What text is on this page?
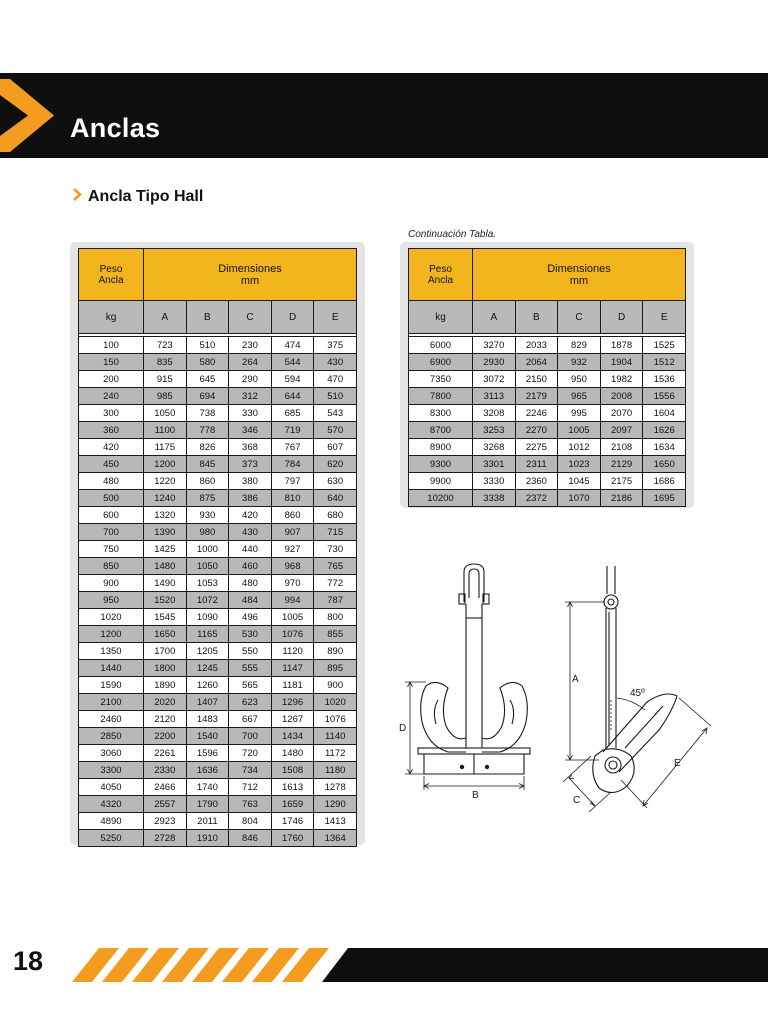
Anclas
Ancla Tipo Hall
Continuación Tabla.
Peso
Ancla	Dimensiones
mm				
kg	A	B	C	D	E

100	723	510	230	474	375
150	835	580	264	544	430
200	915	645	290	594	470
240	985	694	312	644	510
300	1050	738	330	685	543
360	1100	778	346	719	570
420	1175	826	368	767	607
450	1200	845	373	784	620
480	1220	860	380	797	630
500	1240	875	386	810	640
600	1320	930	420	860	680
700	1390	980	430	907	715
750	1425	1000	440	927	730
850	1480	1050	460	968	765
900	1490	1053	480	970	772
950	1520	1072	484	994	787
1020	1545	1090	496	1005	800
1200	1650	1165	530	1076	855
1350	1700	1205	550	1120	890
1440	1800	1245	555	1147	895
1590	1890	1260	565	1181	900
2100	2020	1407	623	1296	1020
2460	2120	1483	667	1267	1076
2850	2200	1540	700	1434	1140
3060	2261	1596	720	1480	1172
3300	2330	1636	734	1508	1180
4050	2466	1740	712	1613	1278
4320	2557	1790	763	1659	1290
4890	2923	2011	804	1746	1413
5250	2728	1910	846	1760	1364
Peso
Ancla	Dimensiones
mm				
kg	A	B	C	D	E

6000	3270	2033	829	1878	1525
6900	2930	2064	932	1904	1512
7350	3072	2150	950	1982	1536
7800	3113	2179	965	2008	1556
8300	3208	2246	995	2070	1604
8700	3253	2270	1005	2097	1626
8900	3268	2275	1012	2108	1634
9300	3301	2311	1023	2129	1650
9900	3330	2360	1045	2175	1686
10200	3338	2372	1070	2186	1695
D
B
A
45º
E
C
18
